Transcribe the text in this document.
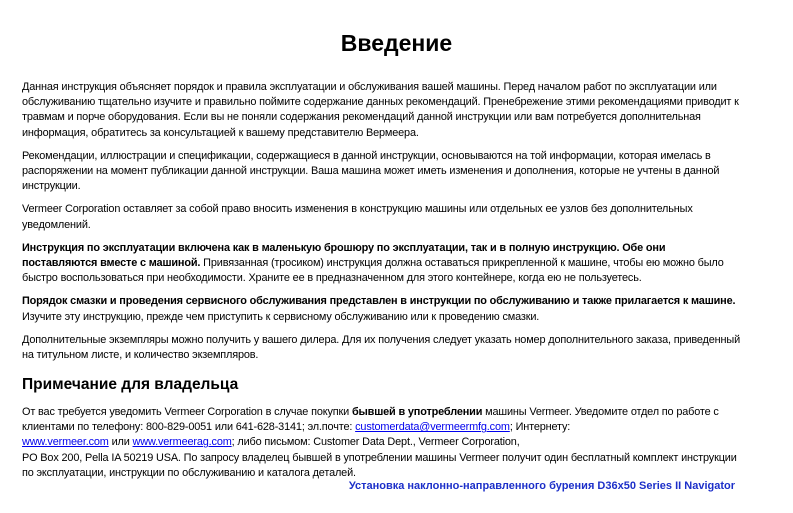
Введение

Данная инструкция объясняет порядок и правила эксплуатации и обслуживания вашей машины. Перед началом работ по эксплуатации или обслуживанию тщательно изучите и правильно поймите содержание данных рекомендаций. Пренебрежение этими рекомендациями приводит к травмам и порче оборудования. Если вы не поняли содержания рекомендаций данной инструкции или вам потребуется дополнительная информация, обратитесь за консультацией к вашему представителю Вермеера.

Рекомендации, иллюстрации и спецификации, содержащиеся в данной инструкции, основываются на той информации, которая имелась в распоряжении на момент публикации данной инструкции. Ваша машина может иметь изменения и дополнения, которые не учтены в данной инструкции.

Vermeer Corporation оставляет за собой право вносить изменения в конструкцию машины или отдельных ее узлов без дополнительных уведомлений.

Инструкция по эксплуатации включена как в маленькую брошюру по эксплуатации, так и в полную инструкцию. Обе они поставляются вместе с машиной. Привязанная (тросиком) инструкция должна оставаться прикрепленной к машине, чтобы ею можно было быстро воспользоваться при необходимости. Храните ее в предназначенном для этого контейнере, когда ею не пользуетесь.

Порядок смазки и проведения сервисного обслуживания представлен в инструкции по обслуживанию и также прилагается к машине. Изучите эту инструкцию, прежде чем приступить к сервисному обслуживанию или к проведению смазки.

Дополнительные экземпляры можно получить у вашего дилера. Для их получения следует указать номер дополнительного заказа, приведенный на титульном листе, и количество экземпляров.

Примечание для владельца

От вас требуется уведомить Vermeer Corporation в случае покупки бывшей в употреблении машины Vermeer. Уведомите отдел по работе с клиентами по телефону: 800-829-0051 или 641-628-3141; эл.почте: customerdata@vermeermfg.com; Интернету:
www.vermeer.com или www.vermeerag.com; либо письмом: Customer Data Dept., Vermeer Corporation,

PO Box 200, Pella IA 50219 USA. По запросу владелец бывшей в употреблении машины Vermeer получит один бесплатный комплект инструкции по эксплуатации, инструкции по обслуживанию и каталога деталей.

Установка наклонно-направленного бурения D36x50 Series II Navigator
